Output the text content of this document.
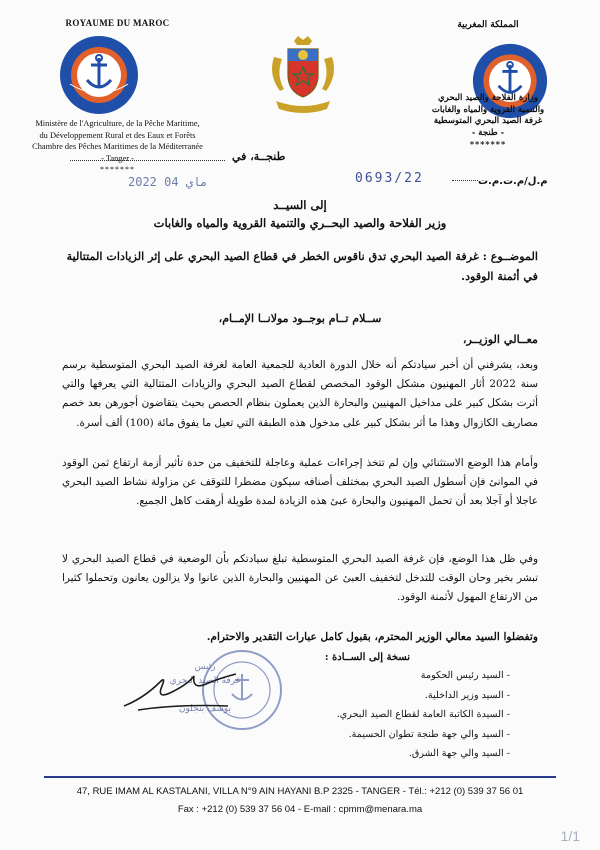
ROYAUME DU MAROC
Ministère de l'Agriculture, de la Pêche Maritime,
du Développement Rural et des Eaux et Forêts
Chambre des Pêches Maritimes de la Méditerranée
- Tanger -
*******
المملكة المغربية
وزارة الفلاحة والصيد البحري
والتنمية القروية والمياه والغابات
غرفة الصيد البحري المتوسطية
- طنجة -
*******
طنجــة، في
2022 ماي 04	0693/22	م.ل/م.ت.م.ت
إلى السيــد
وزير الفلاحة والصيد البحــري والتنمية القروية والمياه والغابات
الموضــوع : غرفة الصيد البحري تدق ناقوس الخطر في قطاع الصيد البحري على إثر الزيادات المتتالية في أثمنة الوقود.
ســلام تــام بوجــود مولانــا الإمــام،
معــالي الوزيــر،
وبعد، يشرفني أن أخبر سيادتكم أنه خلال الدورة العادية للجمعية العامة لغرفة الصيد البحري المتوسطية برسم سنة 2022 أثار المهنيون مشكل الوقود المخصص لقطاع الصيد البحري والزيادات المتتالية التي يعرفها والتي أثرت بشكل كبير على مداخيل المهنيين والبحارة الذين يعملون بنظام الحصص بحيث يتقاضون أجورهن بعد خصم مصاريف الكازوال وهذا ما أثر بشكل كبير على مدخول هذه الطبقة التي تعيل ما يفوق مائة (100) ألف أسرة.
وأمام هذا الوضع الاستثنائي وإن لم تتخذ إجراءات عملية وعاجلة للتخفيف من حدة تأثير أزمة ارتفاع ثمن الوقود في الموانئ فإن أسطول الصيد البحري بمختلف أصنافه سيكون مضطرا للتوقف عن مزاولة نشاط الصيد البحري عاجلا أو آجلا بعد أن تحمل المهنيون والبحارة عبئ هذه الزيادة لمدة طويلة أرهقت كاهل الجميع.
وفي ظل هذا الوضع، فإن غرفة الصيد البحري المتوسطية تبلغ سيادتكم بأن الوضعية في قطاع الصيد البحري لا تبشر بخير وحان الوقت للتدخل لتخفيف العبئ عن المهنيين والبحارة الذين عانوا ولا يزالون يعانون وتحملوا كثيرا من الارتفاع المهول لأثمنة الوقود.
وتفضلوا السيد معالي الوزير المحترم، بقبول كامل عبارات التقدير والاحترام.
نسخة إلى الســادة :
- السيد رئيس الحكومة
- السيد وزير الداخلية.
- السيدة الكاتبة العامة لقطاع الصيد البحري.
- السيد والي جهة طنجة تطوان الحسيمة.
- السيد والي جهة الشرق.
رئيس
غرفة الصيد البحري
يوسف بنجلون
47, RUE IMAM AL KASTALANI, VILLA N°9 AIN HAYANI B.P 2325 - TANGER - Tél.: +212 (0) 539 37 56 01
Fax : +212 (0) 539 37 56 04 - E-mail : cpmm@menara.ma
1/1
